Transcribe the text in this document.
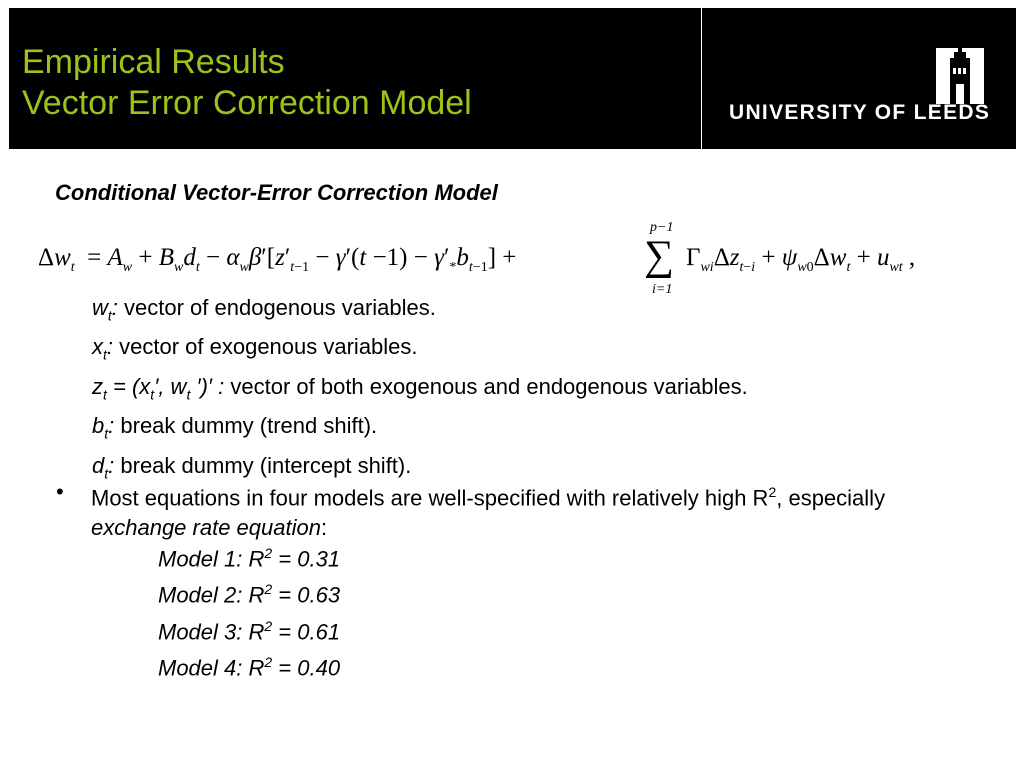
Empirical Results
Vector Error Correction Model	UNIVERSITY OF LEEDS
Conditional Vector-Error Correction Model
$\Delta w_t = A_w + B_wd_t - \alpha_w\beta'[z'_{t-1} - \gamma'(t -1) - \gamma'_*b_{t-1}]$ +
p−1
∑
i=1
$\Gamma_{wi}\Delta z_{t-i} + \psi_{w0}\Delta w_t + u_{wt}$ ,
$w_t$: vector of endogenous variables.
$x_t$: vector of exogenous variables.
$z_t = (x_t'$, $w_t$ ′)′ : vector of both exogenous and endogenous variables.
$b_t$: break dummy (trend shift).
$d_t$: break dummy (intercept shift).
• Most equations in four models are well-specified with relatively high $R^2$, especially exchange rate equation:
Model 1: $R^2 = 0.31$
Model 2: $R^2 = 0.63$
Model 3: $R^2 = 0.61$
Model 4: $R^2 = 0.40$
